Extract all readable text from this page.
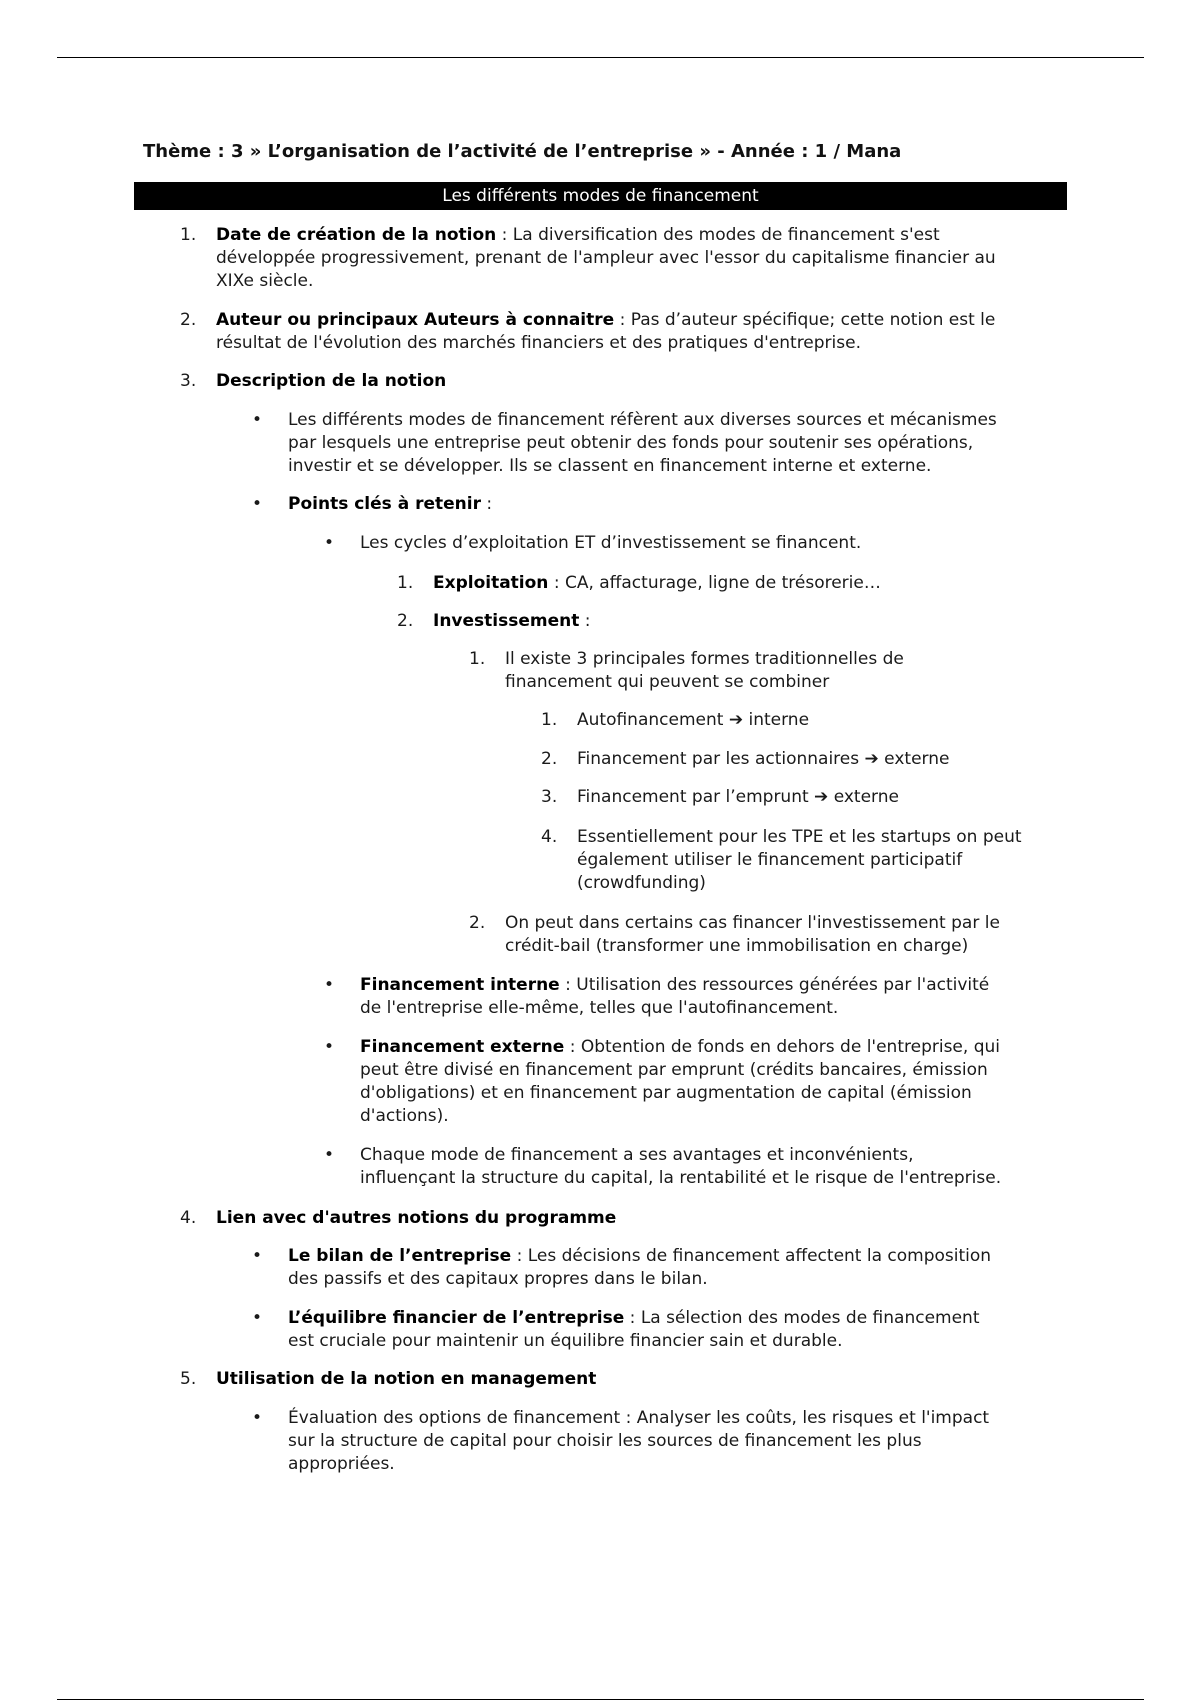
Thème : 3 » L’organisation de l’activité de l’entreprise » - Année : 1 / Mana
Les différents modes de financement
1. Date de création de la notion : La diversification des modes de financement s'est
développée progressivement, prenant de l'ampleur avec l'essor du capitalisme financier au
XIXe siècle.
2. Auteur ou principaux Auteurs à connaitre : Pas d’auteur spécifique; cette notion est le
résultat de l'évolution des marchés financiers et des pratiques d'entreprise.
3. Description de la notion
• Les différents modes de financement réfèrent aux diverses sources et mécanismes
par lesquels une entreprise peut obtenir des fonds pour soutenir ses opérations,
investir et se développer. Ils se classent en financement interne et externe.
• Points clés à retenir :
• Les cycles d’exploitation ET d’investissement se financent.
1. Exploitation : CA, affacturage, ligne de trésorerie…
2. Investissement :
1. Il existe 3 principales formes traditionnelles de
financement qui peuvent se combiner
1. Autofinancement ➔ interne
2. Financement par les actionnaires ➔ externe
3. Financement par l’emprunt ➔ externe
4. Essentiellement pour les TPE et les startups on peut
également utiliser le financement participatif
(crowdfunding)
2. On peut dans certains cas financer l'investissement par le
crédit-bail (transformer une immobilisation en charge)
• Financement interne : Utilisation des ressources générées par l'activité
de l'entreprise elle-même, telles que l'autofinancement.
• Financement externe : Obtention de fonds en dehors de l'entreprise, qui
peut être divisé en financement par emprunt (crédits bancaires, émission
d'obligations) et en financement par augmentation de capital (émission
d'actions).
• Chaque mode de financement a ses avantages et inconvénients,
influençant la structure du capital, la rentabilité et le risque de l'entreprise.
4. Lien avec d'autres notions du programme
• Le bilan de l’entreprise : Les décisions de financement affectent la composition
des passifs et des capitaux propres dans le bilan.
• L’équilibre financier de l’entreprise : La sélection des modes de financement
est cruciale pour maintenir un équilibre financier sain et durable.
5. Utilisation de la notion en management
• Évaluation des options de financement : Analyser les coûts, les risques et l'impact
sur la structure de capital pour choisir les sources de financement les plus
appropriées.
